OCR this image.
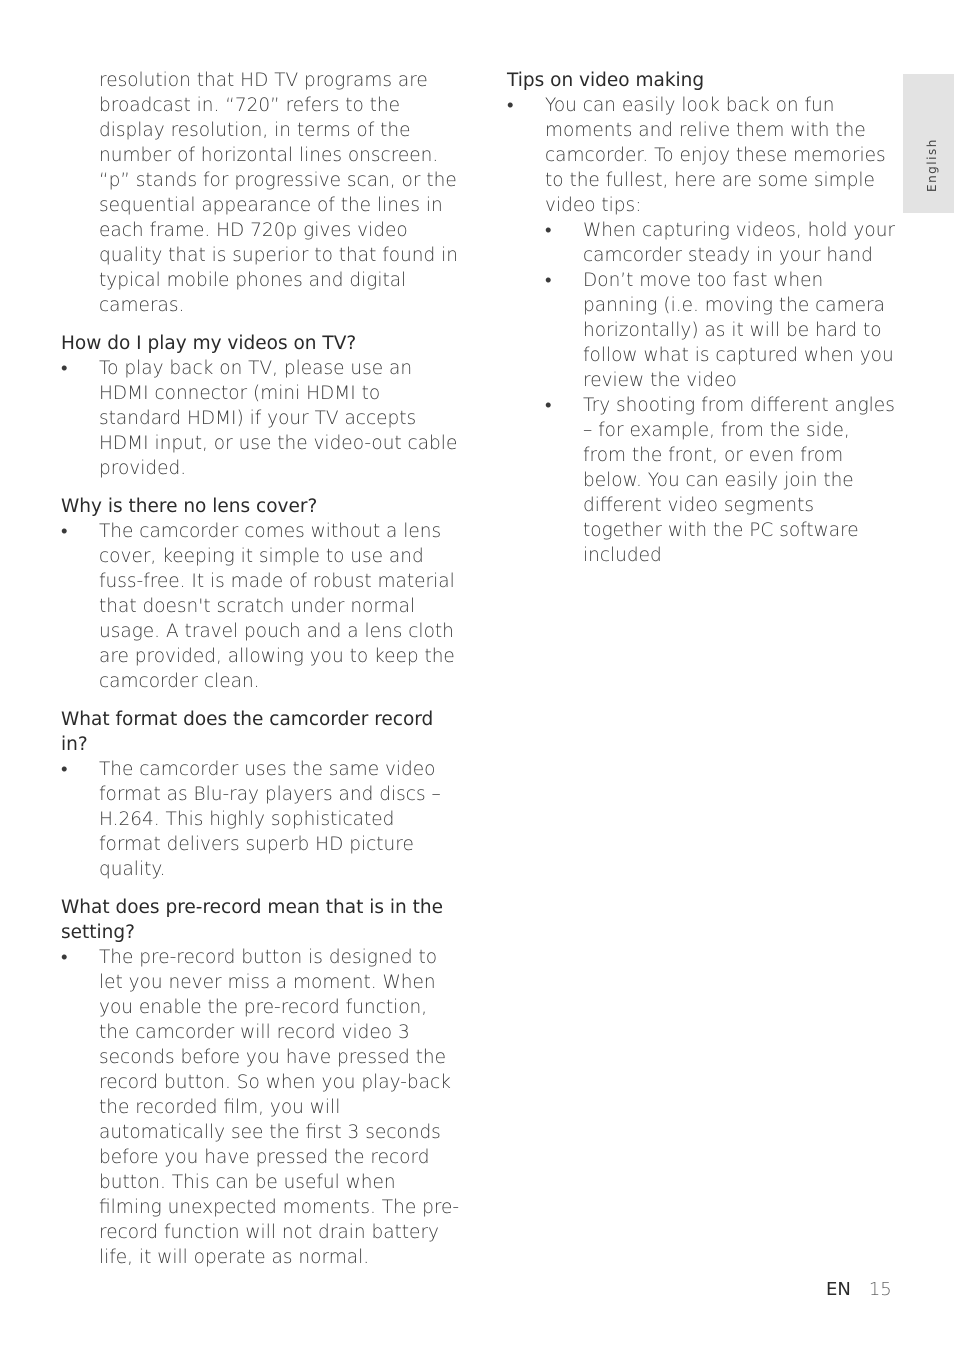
English

resolution that HD TV programs are broadcast in. “720” refers to the display resolution, in terms of the number of horizontal lines onscreen. “p” stands for progressive scan, or the sequential appearance of the lines in each frame. HD 720p gives video quality that is superior to that found in typical mobile phones and digital cameras.

How do I play my videos on TV?

• To play back on TV, please use an HDMI connector (mini HDMI to standard HDMI) if your TV accepts HDMI input, or use the video-out cable provided.

Why is there no lens cover?

• The camcorder comes without a lens cover, keeping it simple to use and fuss-free. It is made of robust material that doesn't scratch under normal usage. A travel pouch and a lens cloth are provided, allowing you to keep the camcorder clean.

What format does the camcorder record in?

• The camcorder uses the same video format as Blu-ray players and discs – H.264. This highly sophisticated format delivers superb HD picture quality.

What does pre-record mean that is in the setting?

• The pre-record button is designed to let you never miss a moment. When you enable the pre-record function, the camcorder will record video 3 seconds before you have pressed the record button. So when you play-back the recorded film, you will automatically see the first 3 seconds before you have pressed the record button. This can be useful when filming unexpected moments. The pre-record function will not drain battery life, it will operate as normal.

Tips on video making

• You can easily look back on fun moments and relive them with the camcorder. To enjoy these memories to the fullest, here are some simple video tips:

• When capturing videos, hold your camcorder steady in your hand

• Don’t move too fast when panning (i.e. moving the camera horizontally) as it will be hard to follow what is captured when you review the video

• Try shooting from different angles – for example, from the side, from the front, or even from below. You can easily join the different video segments together with the PC software included

EN 15
